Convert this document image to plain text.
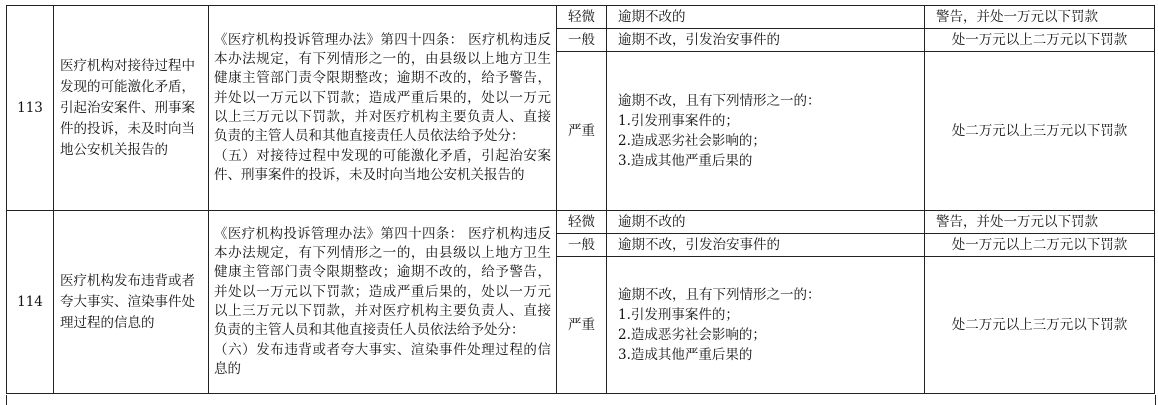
113	医疗机构对接待过程中发现的可能激化矛盾，引起治安案件、刑事案件的投诉，未及时向当地公安机关报告的	《医疗机构投诉管理办法》第四十四条： 医疗机构违反本办法规定，有下列情形之一的，由县级以上地方卫生健康主管部门责令限期整改；逾期不改的，给予警告，并处以一万元以下罚款；造成严重后果的，处以一万元以上三万元以下罚款，并对医疗机构主要负责人、直接负责的主管人员和其他直接责任人员依法给予处分：
（五）对接待过程中发现的可能激化矛盾，引起治安案件、刑事案件的投诉，未及时向当地公安机关报告的	轻微	逾期不改的	警告，并处一万元以下罚款
			一般	逾期不改，引发治安事件的	处一万元以上二万元以下罚款
			严重	逾期不改，且有下列情形之一的：
1.引发刑事案件的；
2.造成恶劣社会影响的；
3.造成其他严重后果的	处二万元以上三万元以下罚款
114	医疗机构发布违背或者夸大事实、渲染事件处理过程的信息的	《医疗机构投诉管理办法》第四十四条： 医疗机构违反本办法规定，有下列情形之一的，由县级以上地方卫生健康主管部门责令限期整改；逾期不改的，给予警告，并处以一万元以下罚款；造成严重后果的，处以一万元以上三万元以下罚款，并对医疗机构主要负责人、直接负责的主管人员和其他直接责任人员依法给予处分：
（六）发布违背或者夸大事实、渲染事件处理过程的信息的	轻微	逾期不改的	警告，并处一万元以下罚款
			一般	逾期不改，引发治安事件的	处一万元以上二万元以下罚款
			严重	逾期不改，且有下列情形之一的：
1.引发刑事案件的；
2.造成恶劣社会影响的；
3.造成其他严重后果的	处二万元以上三万元以下罚款
